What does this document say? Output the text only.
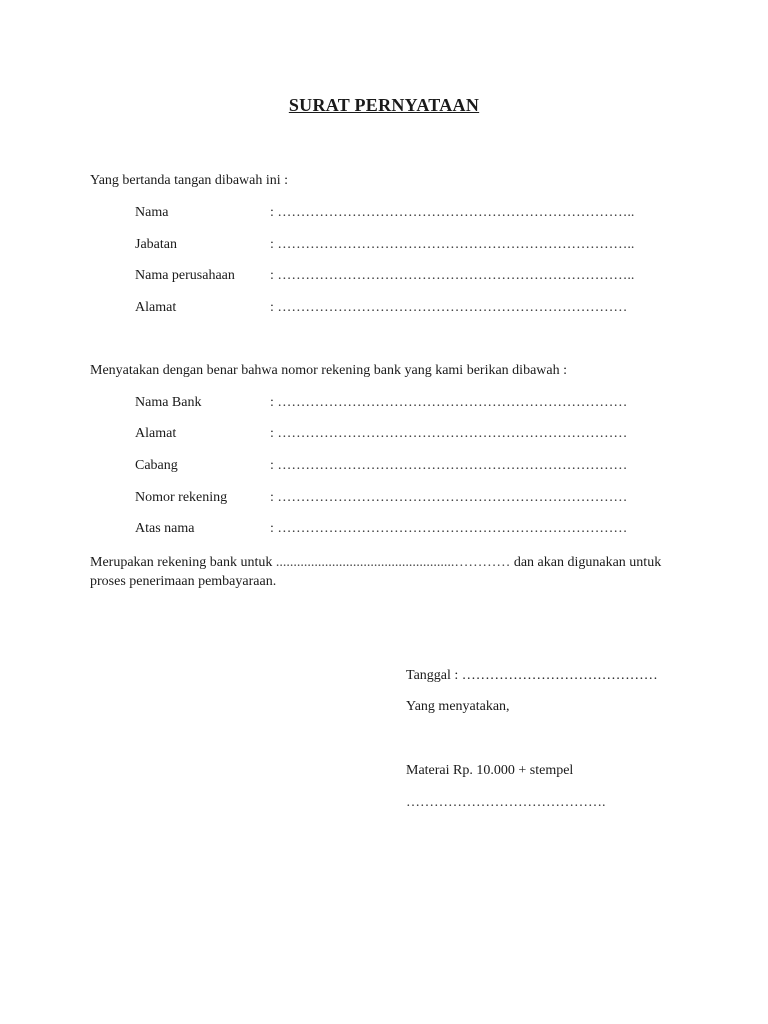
SURAT PERNYATAAN
Yang bertanda tangan dibawah ini :
Nama	: …………………………………………………………………..
Jabatan	: …………………………………………………………………..
Nama perusahaan	: …………………………………………………………………..
Alamat	: …………………………………………………………………
Menyatakan dengan benar bahwa nomor rekening bank yang kami berikan dibawah :
Nama Bank	: …………………………………………………………………
Alamat	: …………………………………………………………………
Cabang	: …………………………………………………………………
Nomor rekening	: …………………………………………………………………
Atas nama	: …………………………………………………………………
Merupakan rekening bank untuk ...................................................………… dan akan digunakan untuk proses penerimaan pembayaraan.
Tanggal : ……………………………………
Yang menyatakan,
Materai Rp. 10.000 + stempel
…………………………………….
